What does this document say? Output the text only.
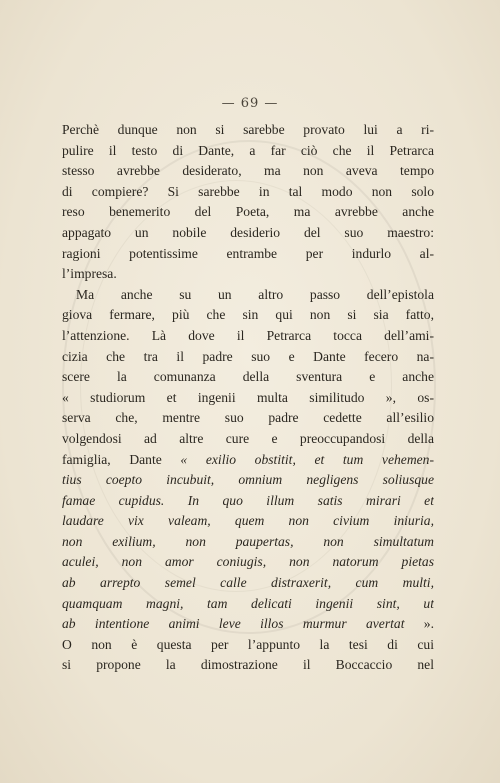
— 69 —
Perchè dunque non si sarebbe provato lui a ri-
pulire il testo di Dante, a far ciò che il Petrarca
stesso avrebbe desiderato, ma non aveva tempo
di compiere? Si sarebbe in tal modo non solo
reso benemerito del Poeta, ma avrebbe anche
appagato un nobile desiderio del suo maestro:
ragioni potentissime entrambe per indurlo al-
l’impresa.
Ma anche su un altro passo dell’epistola
giova fermare, più che sin qui non si sia fatto,
l’attenzione. Là dove il Petrarca tocca dell’ami-
cizia che tra il padre suo e Dante fecero na-
scere la comunanza della sventura e anche
« studiorum et ingenii multa similitudo », os-
serva che, mentre suo padre cedette all’esilio
volgendosi ad altre cure e preoccupandosi della
famiglia, Dante « exilio obstitit, et tum vehemen-
tius coepto incubuit, omnium negligens soliusque
famae cupidus. In quo illum satis mirari et
laudare vix valeam, quem non civium iniuria,
non exilium, non paupertas, non simultatum
aculei, non amor coniugis, non natorum pietas
ab arrepto semel calle distraxerit, cum multi,
quamquam magni, tam delicati ingenii sint, ut
ab intentione animi leve illos murmur avertat ».
O non è questa per l’appunto la tesi di cui
si propone la dimostrazione il Boccaccio nel
